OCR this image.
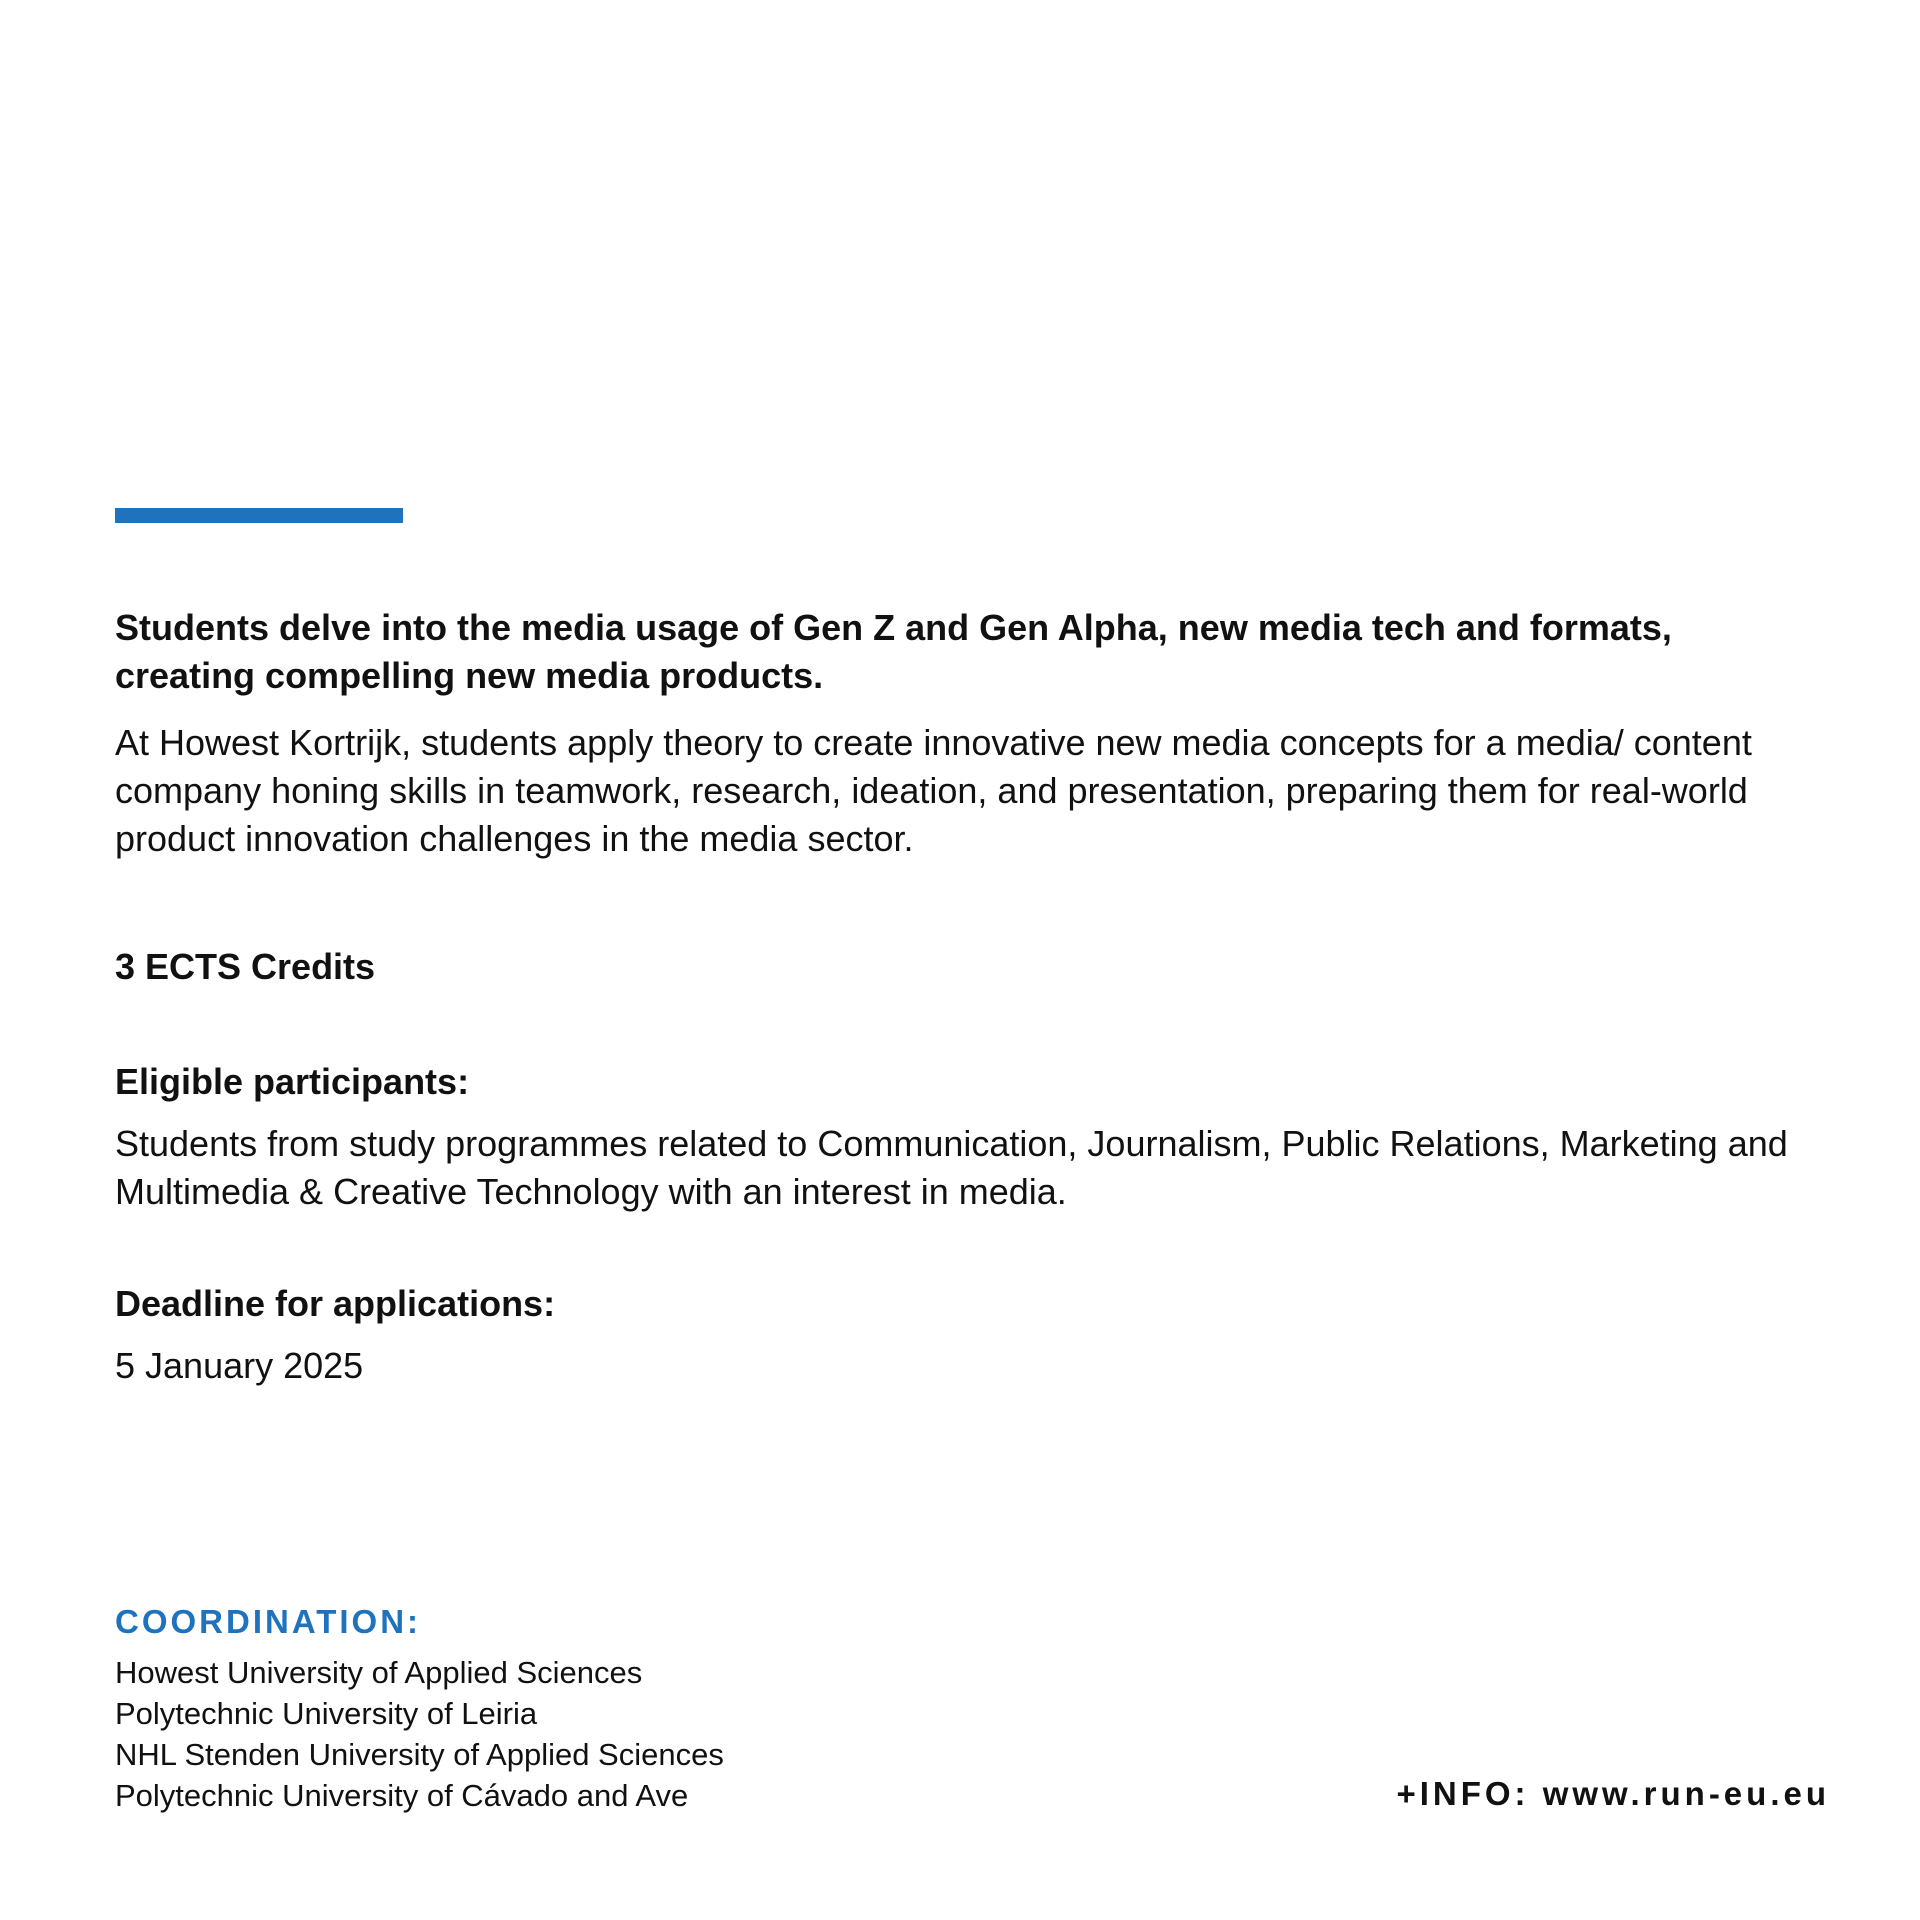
Students delve into the media usage of Gen Z and Gen Alpha, new media tech and formats, creating compelling new media products.

At Howest Kortrijk, students apply theory to create innovative new media concepts for a media/ content company honing skills in teamwork, research, ideation, and presentation, preparing them for real-world product innovation challenges in the media sector.

3 ECTS Credits

Eligible participants:

Students from study programmes related to Communication, Journalism, Public Relations, Marketing and Multimedia & Creative Technology with an interest in media.

Deadline for applications:

5 January 2025

COORDINATION:
Howest University of Applied Sciences
Polytechnic University of Leiria
NHL Stenden University of Applied Sciences
Polytechnic University of Cávado and Ave	+INFO: www.run-eu.eu
